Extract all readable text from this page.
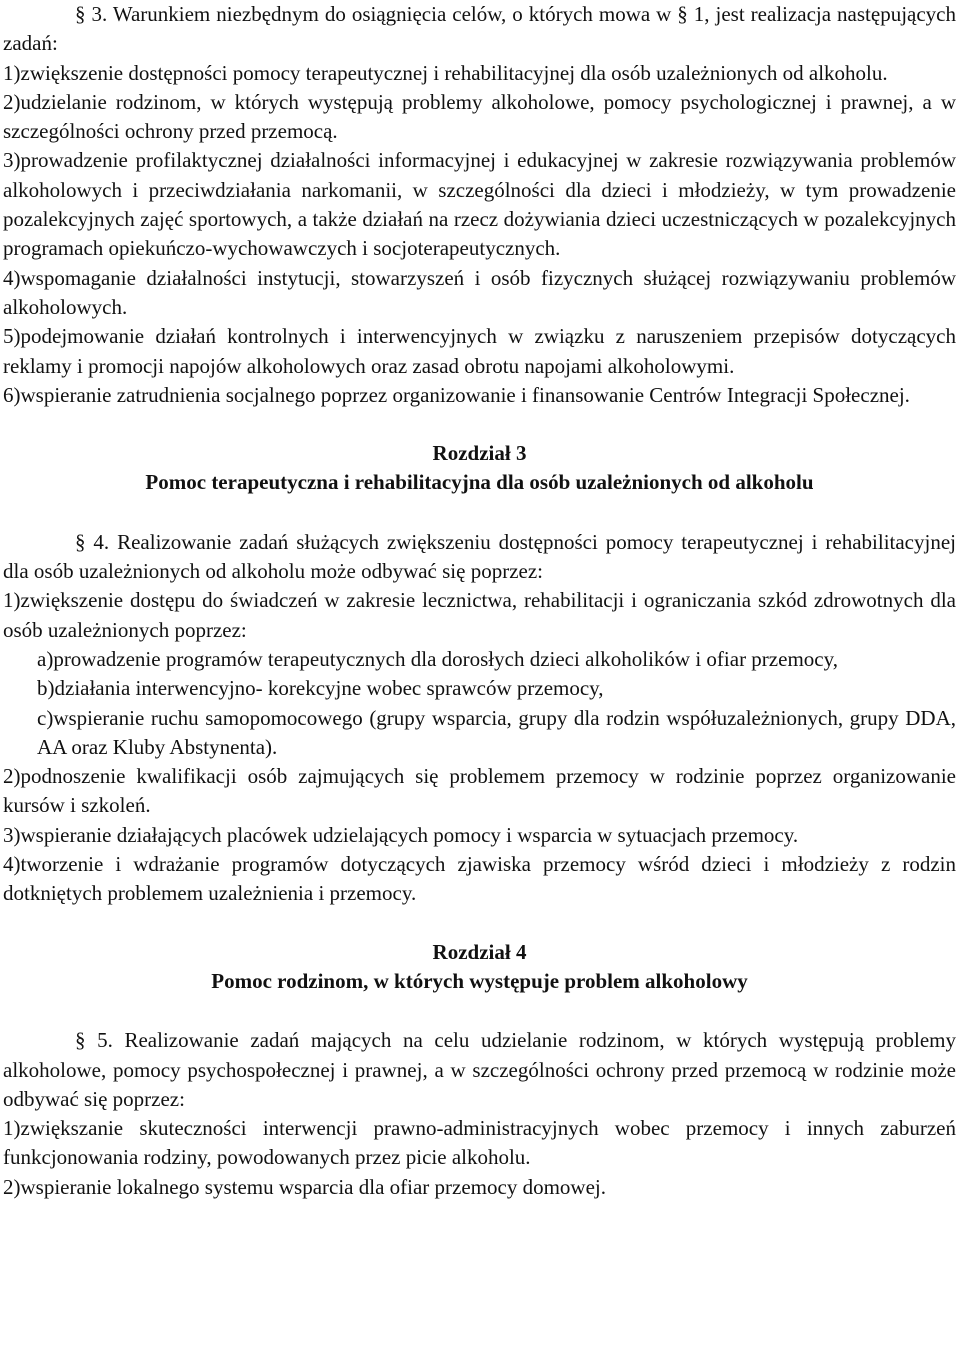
§ 3. Warunkiem niezbędnym do osiągnięcia celów, o których mowa w § 1, jest realizacja następujących zadań:

1)zwiększenie dostępności pomocy terapeutycznej i rehabilitacyjnej dla osób uzależnionych od alkoholu.

2)udzielanie rodzinom, w których występują problemy alkoholowe, pomocy psychologicznej i prawnej, a w szczególności ochrony przed przemocą.

3)prowadzenie profilaktycznej działalności informacyjnej i edukacyjnej w zakresie rozwiązywania problemów alkoholowych i przeciwdziałania narkomanii, w szczególności dla dzieci i młodzieży, w tym prowadzenie pozalekcyjnych zajęć sportowych, a także działań na rzecz dożywiania dzieci uczestniczących w pozalekcyjnych programach opiekuńczo-wychowawczych i socjoterapeutycznych.

4)wspomaganie działalności instytucji, stowarzyszeń i osób fizycznych służącej rozwiązywaniu problemów alkoholowych.

5)podejmowanie działań kontrolnych i interwencyjnych w związku z naruszeniem przepisów dotyczących reklamy i promocji napojów alkoholowych oraz zasad obrotu napojami alkoholowymi.

6)wspieranie zatrudnienia socjalnego poprzez organizowanie i finansowanie Centrów Integracji Społecznej.

Rozdział 3
Pomoc terapeutyczna i rehabilitacyjna dla osób uzależnionych od alkoholu

§ 4. Realizowanie zadań służących zwiększeniu dostępności pomocy terapeutycznej i rehabilitacyjnej dla osób uzależnionych od alkoholu może odbywać się poprzez:

1)zwiększenie dostępu do świadczeń w zakresie lecznictwa, rehabilitacji i ograniczania szkód zdrowotnych dla osób uzależnionych poprzez:

a)prowadzenie programów terapeutycznych dla dorosłych dzieci alkoholików i ofiar przemocy,

b)działania interwencyjno- korekcyjne wobec sprawców przemocy,

c)wspieranie ruchu samopomocowego (grupy wsparcia, grupy dla rodzin współuzależnionych, grupy DDA, AA oraz Kluby Abstynenta).

2)podnoszenie kwalifikacji osób zajmujących się problemem przemocy w rodzinie poprzez organizowanie kursów i szkoleń.

3)wspieranie działających placówek udzielających pomocy i wsparcia w sytuacjach przemocy.

4)tworzenie i wdrażanie programów dotyczących zjawiska przemocy wśród dzieci i młodzieży z rodzin dotkniętych problemem uzależnienia i przemocy.

Rozdział 4
Pomoc rodzinom, w których występuje problem alkoholowy

§ 5. Realizowanie zadań mających na celu udzielanie rodzinom, w których występują problemy alkoholowe, pomocy psychospołecznej i prawnej, a w szczególności ochrony przed przemocą w rodzinie może odbywać się poprzez:

1)zwiększanie skuteczności interwencji prawno-administracyjnych wobec przemocy i innych zaburzeń funkcjonowania rodziny, powodowanych przez picie alkoholu.

2)wspieranie lokalnego systemu wsparcia dla ofiar przemocy domowej.
